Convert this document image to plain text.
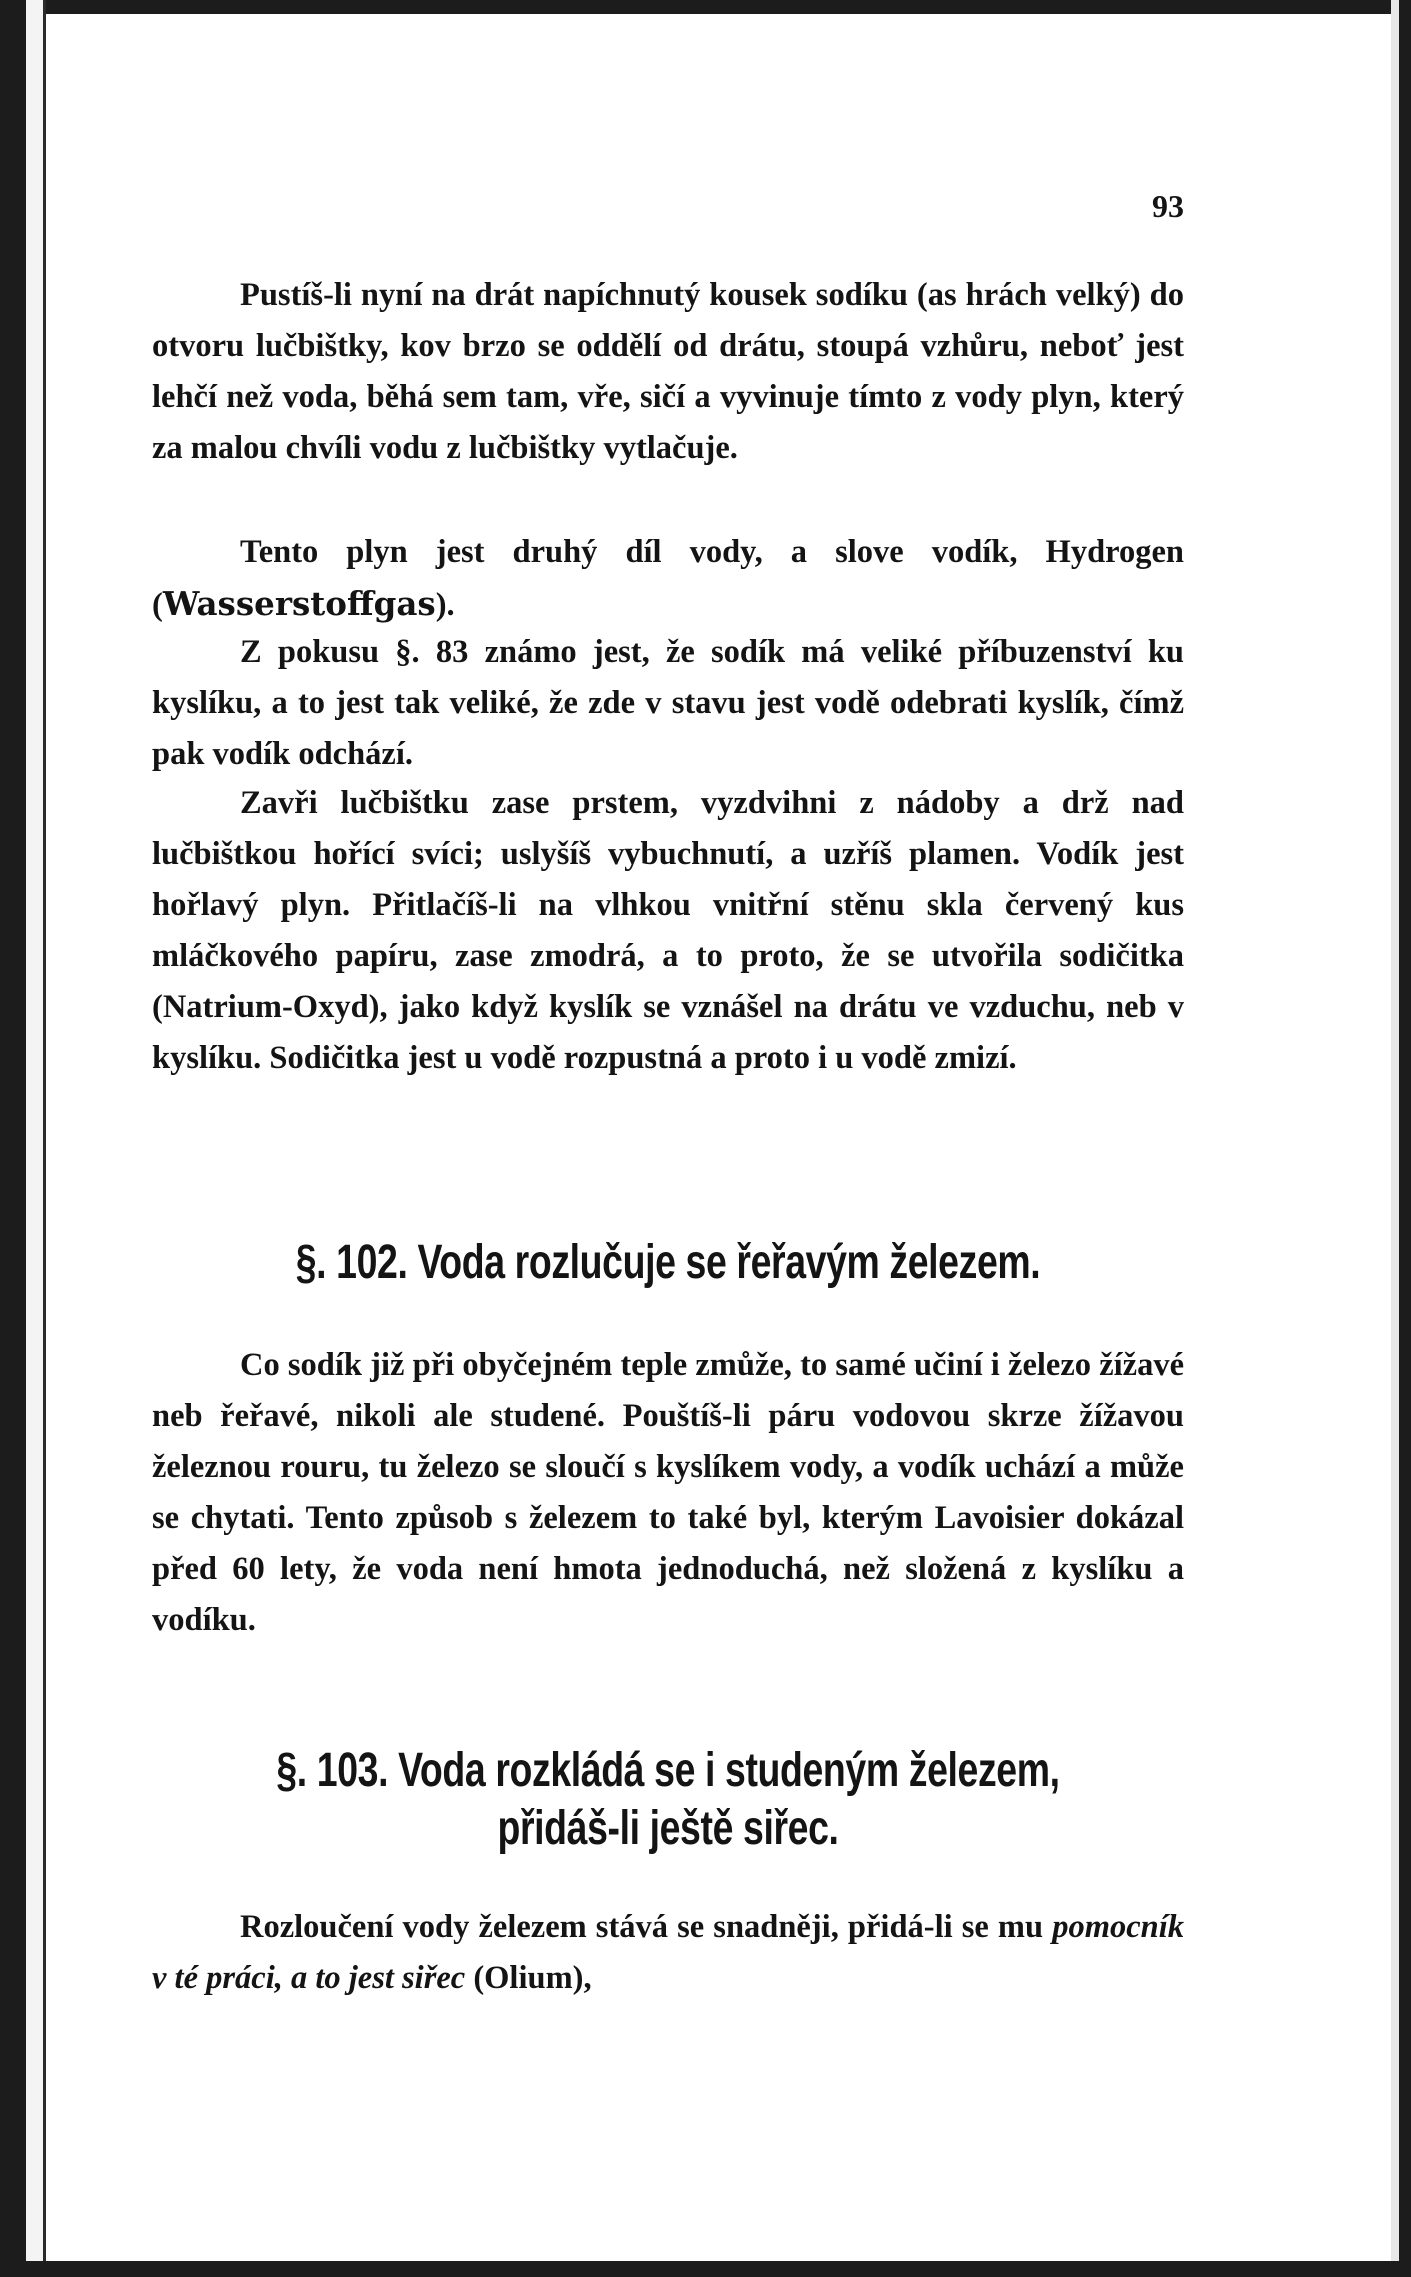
93

Pustíš-li nyní na drát napíchnutý kousek sodíku (as hrách velký) do otvoru lučbištky, kov brzo se oddělí od drátu, stoupá vzhůru, neboť jest lehčí než voda, běhá sem tam, vře, sičí a vyvinuje tímto z vody plyn, který za malou chvíli vodu z lučbištky vytlačuje.

Tento plyn jest druhý díl vody, a slove vodík, Hydrogen (Wasserstoffgas).

Z pokusu §. 83 známo jest, že sodík má veliké příbuzenství ku kyslíku, a to jest tak veliké, že zde v stavu jest vodě odebrati kyslík, čímž pak vodík odchází.

Zavři lučbištku zase prstem, vyzdvihni z nádoby a drž nad lučbištkou hořící svíci; uslyšíš vybuchnutí, a uzříš plamen. Vodík jest hořlavý plyn. Přitlačíš-li na vlhkou vnitřní stěnu skla červený kus mláčkového papíru, zase zmodrá, a to proto, že se utvořila sodičitka (Natrium-Oxyd), jako když kyslík se vznášel na drátu ve vzduchu, neb v kyslíku. Sodičitka jest u vodě rozpustná a proto i u vodě zmizí.

§. 102. Voda rozlučuje se řeřavým železem.

Co sodík již při obyčejném teple zmůže, to samé učiní i železo žížavé neb řeřavé, nikoli ale studené. Pouštíš-li páru vodovou skrze žížavou železnou rouru, tu železo se sloučí s kyslíkem vody, a vodík uchází a může se chytati. Tento způsob s železem to také byl, kterým Lavoisier dokázal před 60 lety, že voda není hmota jednoduchá, než složená z kyslíku a vodíku.

§. 103. Voda rozkládá se i studeným železem, přidáš-li ještě siřec.

Rozloučení vody železem stává se snadněji, přidá-li se mu pomocník v té práci, a to jest siřec (Olium),
